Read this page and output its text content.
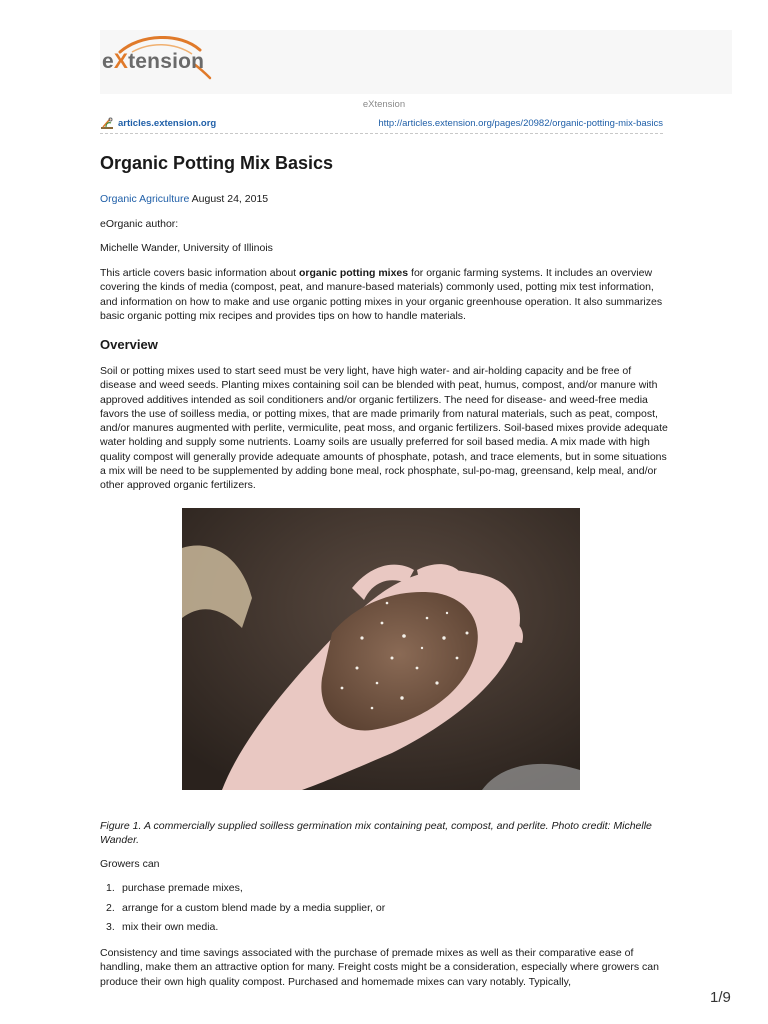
eXtension
eXtension
articles.extension.org	http://articles.extension.org/pages/20982/organic-potting-mix-basics
Organic Potting Mix Basics

Organic Agriculture August 24, 2015

eOrganic author:

Michelle Wander, University of Illinois

This article covers basic information about organic potting mixes for organic farming systems. It includes an overview covering the kinds of media (compost, peat, and manure-based materials) commonly used, potting mix test information, and information on how to make and use organic potting mixes in your organic greenhouse operation. It also summarizes basic organic potting mix recipes and provides tips on how to handle materials.

Overview

Soil or potting mixes used to start seed must be very light, have high water- and air-holding capacity and be free of disease and weed seeds. Planting mixes containing soil can be blended with peat, humus, compost, and/or manure with approved additives intended as soil conditioners and/or organic fertilizers. The need for disease- and weed-free media favors the use of soilless media, or potting mixes, that are made primarily from natural materials, such as peat, compost, and/or manures augmented with perlite, vermiculite, peat moss, and organic fertilizers. Soil-based mixes provide adequate water holding and supply some nutrients. Loamy soils are usually preferred for soil based media. A mix made with high quality compost will generally provide adequate amounts of phosphate, potash, and trace elements, but in some situations a mix will be need to be supplemented by adding bone meal, rock phosphate, sul-po-mag, greensand, kelp meal, and/or other approved organic fertilizers.

Figure 1. A commercially supplied soilless germination mix containing peat, compost, and perlite. Photo credit: Michelle Wander.

Growers can

1. purchase premade mixes,
2. arrange for a custom blend made by a media supplier, or
3. mix their own media.

Consistency and time savings associated with the purchase of premade mixes as well as their comparative ease of handling, make them an attractive option for many. Freight costs might be a consideration, especially where growers can produce their own high quality compost. Purchased and homemade mixes can vary notably. Typically,

1/9
